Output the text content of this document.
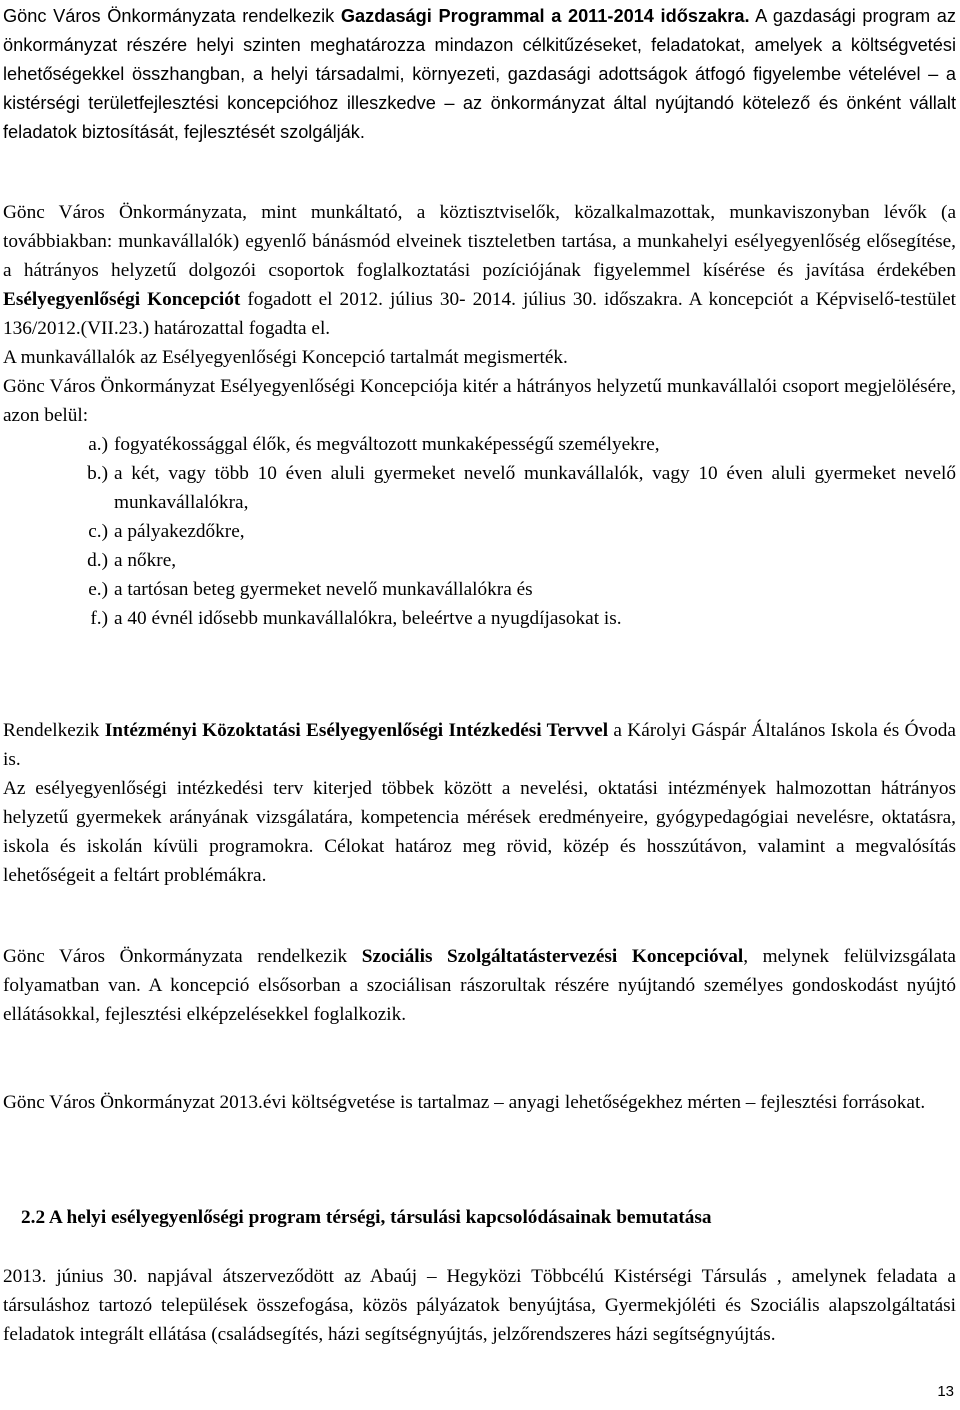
Gönc Város Önkormányzata rendelkezik Gazdasági Programmal a 2011-2014 időszakra. A gazdasági program az önkormányzat részére helyi szinten meghatározza mindazon célkitűzéseket, feladatokat, amelyek a költségvetési lehetőségekkel összhangban, a helyi társadalmi, környezeti, gazdasági adottságok átfogó figyelembe vételével – a kistérségi területfejlesztési koncepcióhoz illeszkedve – az önkormányzat által nyújtandó kötelező és önként vállalt feladatok biztosítását, fejlesztését szolgálják.

Gönc Város Önkormányzata, mint munkáltató, a köztisztviselők, közalkalmazottak, munkaviszonyban lévők (a továbbiakban: munkavállalók) egyenlő bánásmód elveinek tiszteletben tartása, a munkahelyi esélyegyenlőség elősegítése, a hátrányos helyzetű dolgozói csoportok foglalkoztatási pozíciójának figyelemmel kísérése és javítása érdekében Esélyegyenlőségi Koncepciót fogadott el 2012. július 30- 2014. július 30. időszakra. A koncepciót a Képviselő-testület 136/2012.(VII.23.) határozattal fogadta el.

A munkavállalók az Esélyegyenlőségi Koncepció tartalmát megismerték.

Gönc Város Önkormányzat Esélyegyenlőségi Koncepciója kitér a hátrányos helyzetű munkavállalói csoport megjelölésére, azon belül:

a.) fogyatékossággal élők, és megváltozott munkaképességű személyekre,
b.) a két, vagy több 10 éven aluli gyermeket nevelő munkavállalók, vagy 10 éven aluli gyermeket nevelő munkavállalókra,
c.) a pályakezdőkre,
d.) a nőkre,
e.) a tartósan beteg gyermeket nevelő munkavállalókra és
f.) a 40 évnél idősebb munkavállalókra, beleértve a nyugdíjasokat is.

Rendelkezik Intézményi Közoktatási Esélyegyenlőségi Intézkedési Tervvel a Károlyi Gáspár Általános Iskola és Óvoda is.

Az esélyegyenlőségi intézkedési terv kiterjed többek között a nevelési, oktatási intézmények halmozottan hátrányos helyzetű gyermekek arányának vizsgálatára, kompetencia mérések eredményeire, gyógypedagógiai nevelésre, oktatásra, iskola és iskolán kívüli programokra. Célokat határoz meg rövid, közép és hosszútávon, valamint a megvalósítás lehetőségeit a feltárt problémákra.

Gönc Város Önkormányzata rendelkezik Szociális Szolgáltatástervezési Koncepcióval, melynek felülvizsgálata folyamatban van. A koncepció elsősorban a szociálisan rászorultak részére nyújtandó személyes gondoskodást nyújtó ellátásokkal, fejlesztési elképzelésekkel foglalkozik.

Gönc Város Önkormányzat 2013.évi költségvetése is tartalmaz – anyagi lehetőségekhez mérten – fejlesztési forrásokat.

2.2 A helyi esélyegyenlőségi program térségi, társulási kapcsolódásainak bemutatása

2013. június 30. napjával átszerveződött az Abaúj – Hegyközi Többcélú Kistérségi Társulás , amelynek feladata a társuláshoz tartozó települések összefogása, közös pályázatok benyújtása, Gyermekjóléti és Szociális alapszolgáltatási feladatok integrált ellátása (családsegítés, házi segítségnyújtás, jelzőrendszeres házi segítségnyújtás.

13
